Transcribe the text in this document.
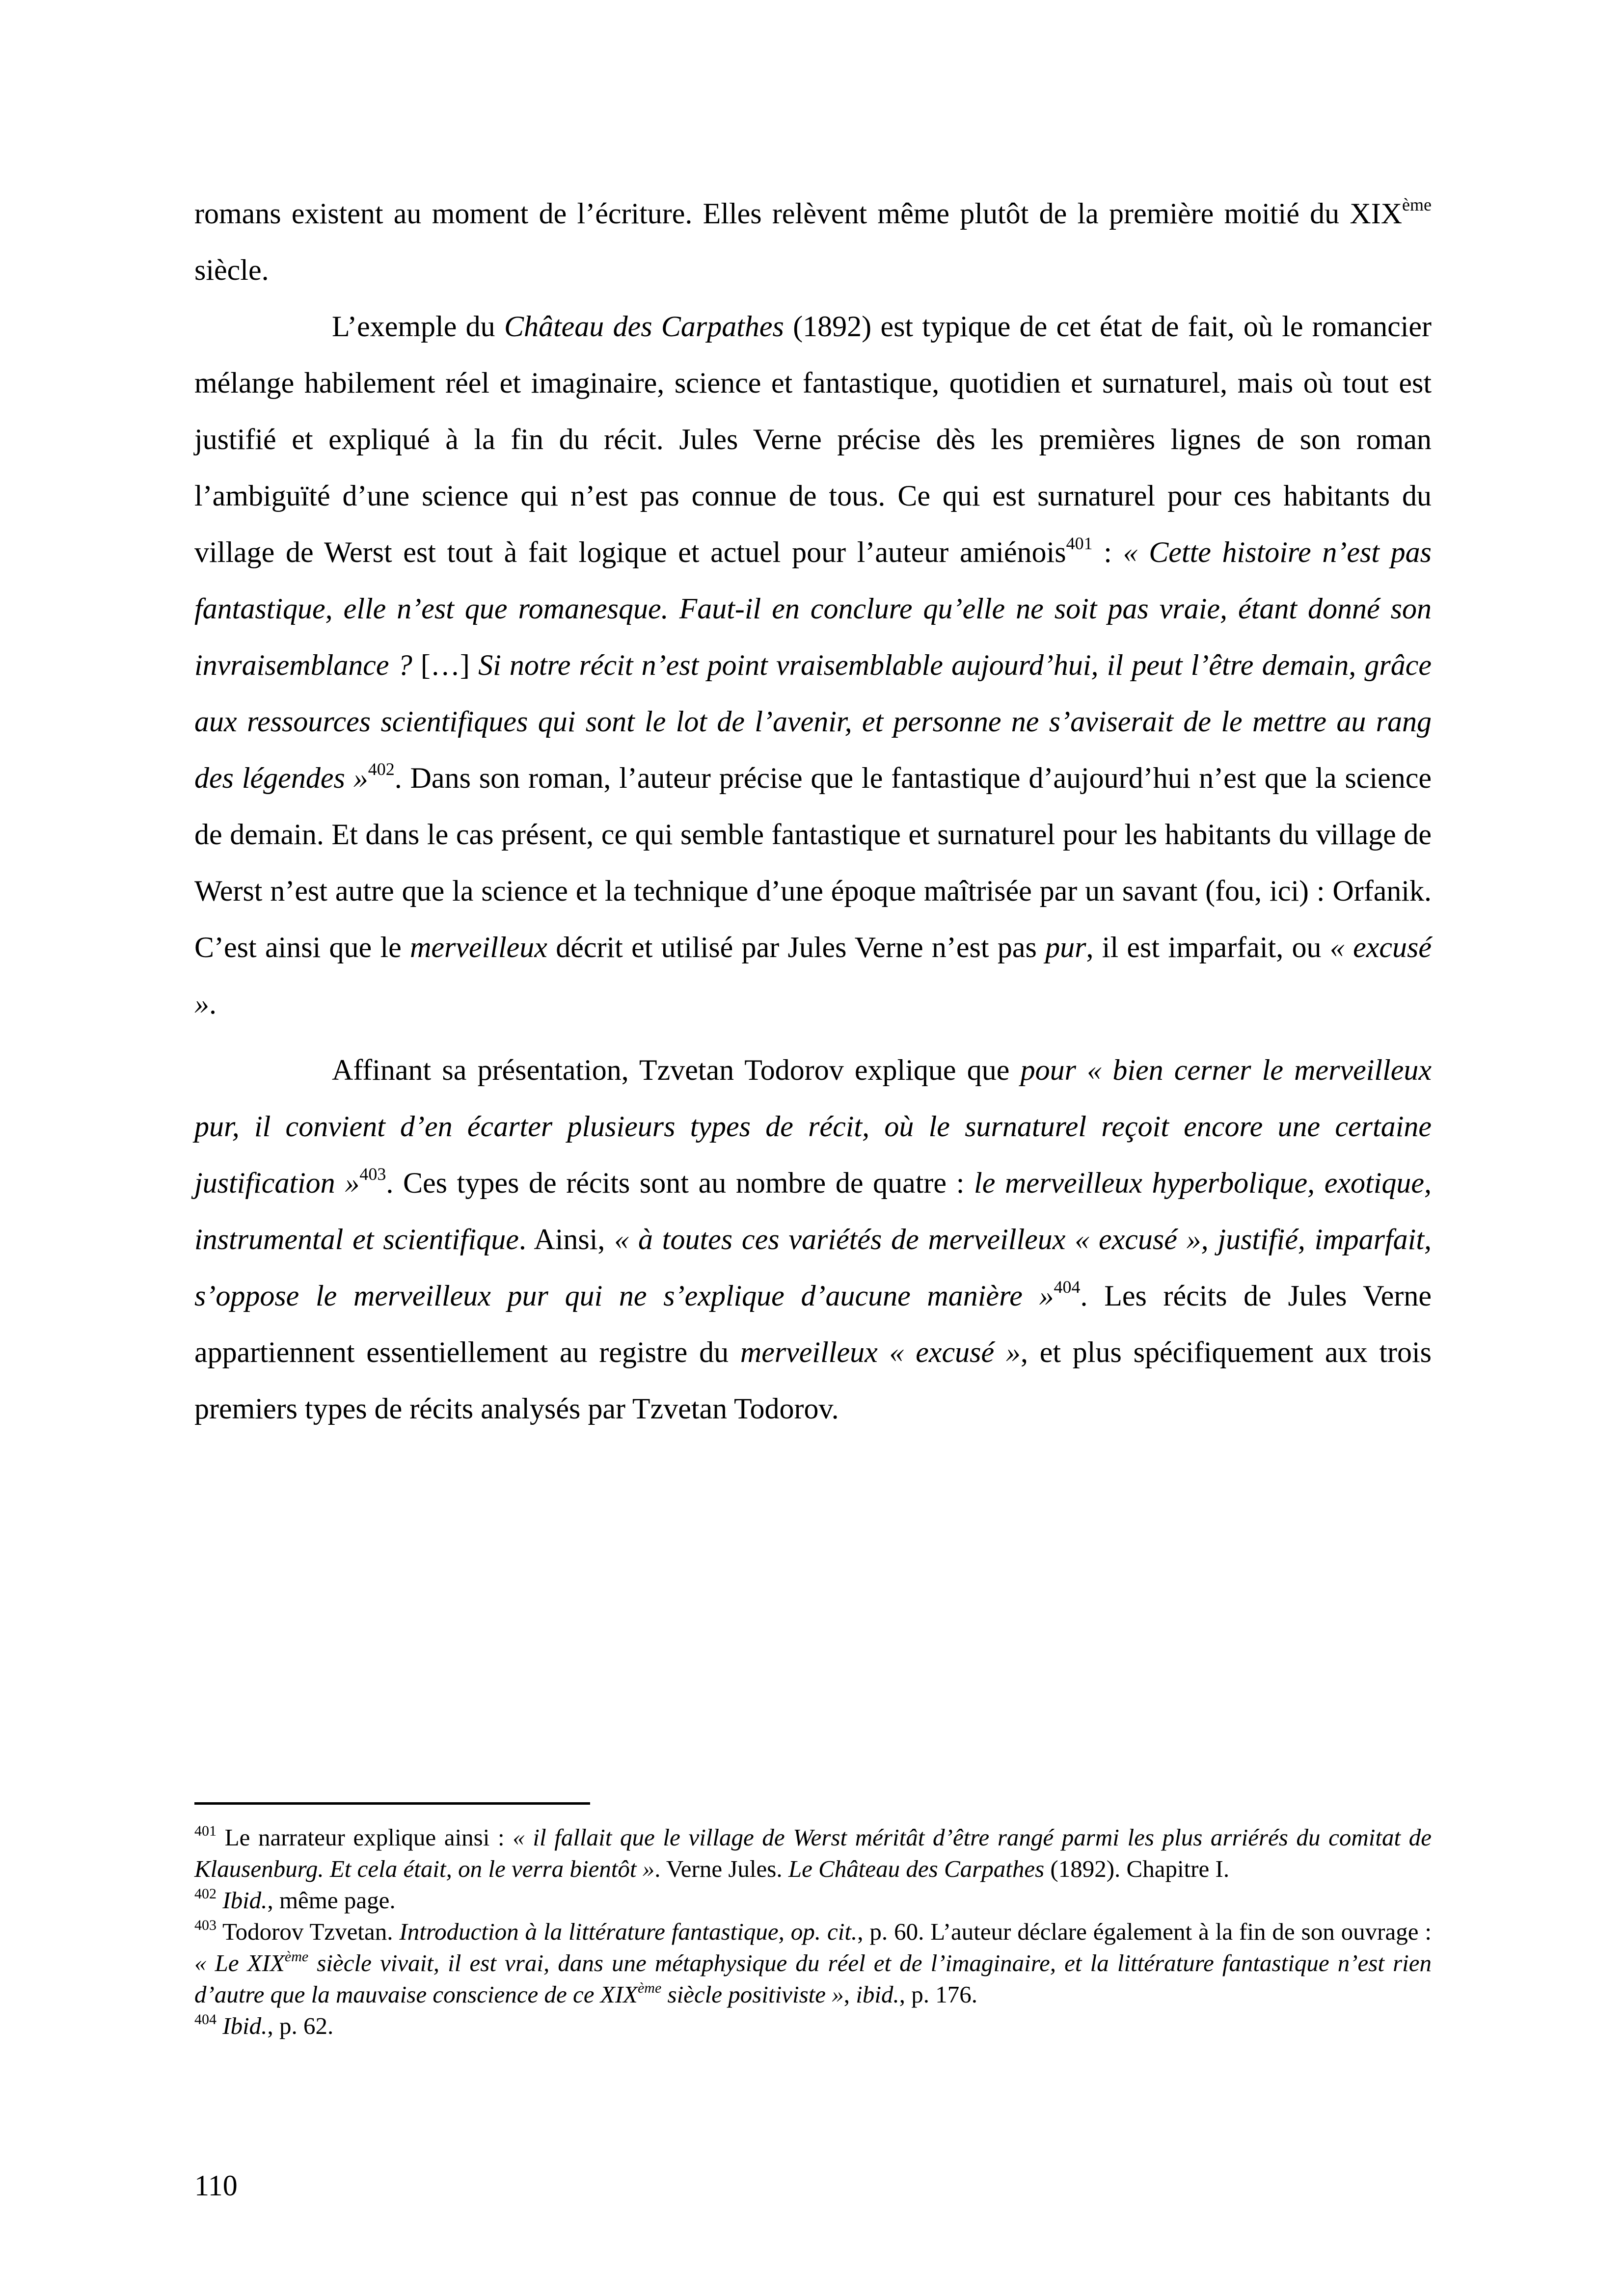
romans existent au moment de l’écriture. Elles relèvent même plutôt de la première moitié du XIXème siècle.

L’exemple du Château des Carpathes (1892) est typique de cet état de fait, où le romancier mélange habilement réel et imaginaire, science et fantastique, quotidien et surnaturel, mais où tout est justifié et expliqué à la fin du récit. Jules Verne précise dès les premières lignes de son roman l’ambiguïté d’une science qui n’est pas connue de tous. Ce qui est surnaturel pour ces habitants du village de Werst est tout à fait logique et actuel pour l’auteur amiénois$^{401}$ : « Cette histoire n’est pas fantastique, elle n’est que romanesque. Faut-il en conclure qu’elle ne soit pas vraie, étant donné son invraisemblance ? […] Si notre récit n’est point vraisemblable aujourd’hui, il peut l’être demain, grâce aux ressources scientifiques qui sont le lot de l’avenir, et personne ne s’aviserait de le mettre au rang des légendes »$^{402}$. Dans son roman, l’auteur précise que le fantastique d’aujourd’hui n’est que la science de demain. Et dans le cas présent, ce qui semble fantastique et surnaturel pour les habitants du village de Werst n’est autre que la science et la technique d’une époque maîtrisée par un savant (fou, ici) : Orfanik. C’est ainsi que le merveilleux décrit et utilisé par Jules Verne n’est pas pur, il est imparfait, ou « excusé ».

Affinant sa présentation, Tzvetan Todorov explique que pour « bien cerner le merveilleux pur, il convient d’en écarter plusieurs types de récit, où le surnaturel reçoit encore une certaine justification »$^{403}$. Ces types de récits sont au nombre de quatre : le merveilleux hyperbolique, exotique, instrumental et scientifique. Ainsi, « à toutes ces variétés de merveilleux « excusé », justifié, imparfait, s’oppose le merveilleux pur qui ne s’explique d’aucune manière »$^{404}$. Les récits de Jules Verne appartiennent essentiellement au registre du merveilleux « excusé », et plus spécifiquement aux trois premiers types de récits analysés par Tzvetan Todorov.

$^{401}$ Le narrateur explique ainsi : « il fallait que le village de Werst méritât d’être rangé parmi les plus arriérés du comitat de Klausenburg. Et cela était, on le verra bientôt ». Verne Jules. Le Château des Carpathes (1892). Chapitre I.

$^{402}$ Ibid., même page.

$^{403}$ Todorov Tzvetan. Introduction à la littérature fantastique, op. cit., p. 60. L’auteur déclare également à la fin de son ouvrage : « Le XIXème siècle vivait, il est vrai, dans une métaphysique du réel et de l’imaginaire, et la littérature fantastique n’est rien d’autre que la mauvaise conscience de ce XIXème siècle positiviste », ibid., p. 176.

$^{404}$ Ibid., p. 62.

110
